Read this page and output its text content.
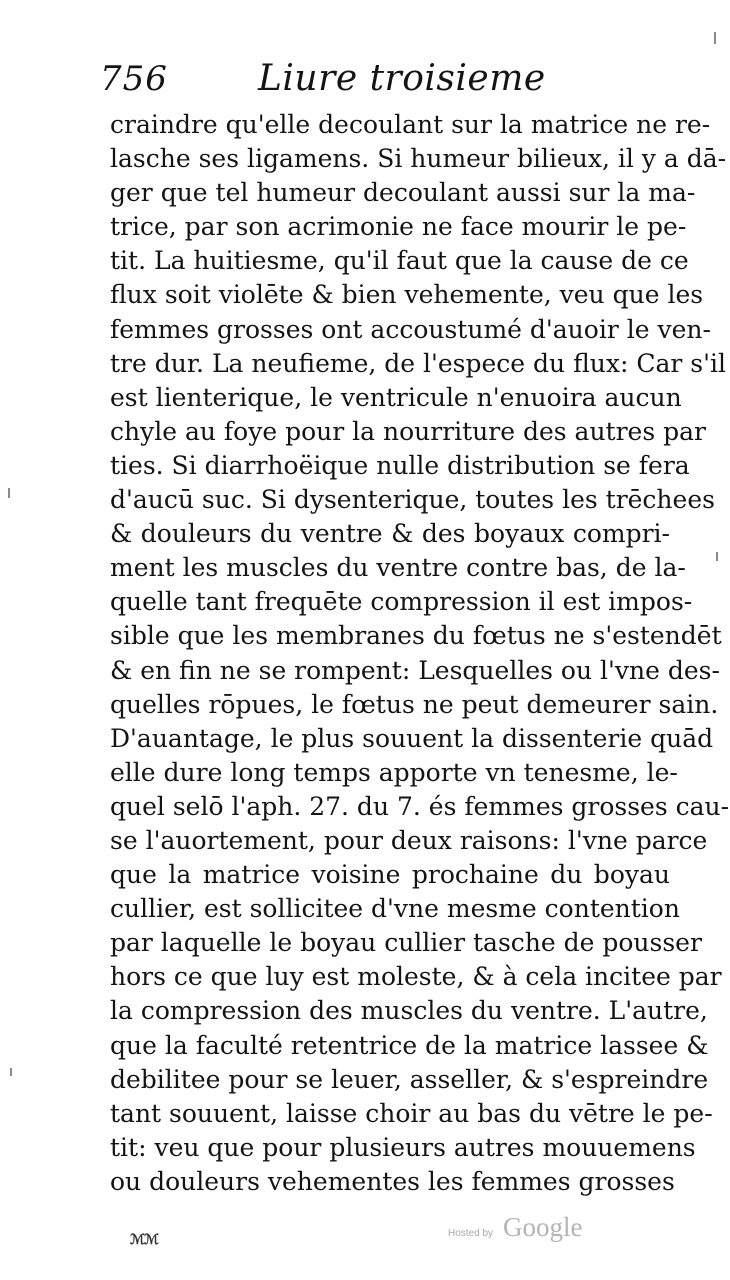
756	Liure troisieme
craindre qu'elle decoulant sur la matrice ne re-
lasche ses ligamens. Si humeur bilieux, il y a dā-
ger que tel humeur decoulant aussi sur la ma-
trice, par son acrimonie ne face mourir le pe-
tit. La huitiesme, qu'il faut que la cause de ce
flux soit violēte & bien vehemente, veu que les
femmes grosses ont accoustumé d'auoir le ven-
tre dur. La neufieme, de l'espece du flux: Car s'il
est lienterique, le ventricule n'enuoira aucun
chyle au foye pour la nourriture des autres par
ties. Si diarrhoëique nulle distribution se fera
d'aucū suc. Si dysenterique, toutes les trēchees
& douleurs du ventre & des boyaux compri-
ment les muscles du ventre contre bas, de la-
quelle tant frequēte compression il est impos-
sible que les membranes du fœtus ne s'estendēt
& en fin ne se rompent: Lesquelles ou l'vne des-
quelles rōpues, le fœtus ne peut demeurer sain.
D'auantage, le plus souuent la dissenterie quād
elle dure long temps apporte vn tenesme, le-
quel selō l'aph. 27. du 7. és femmes grosses cau-
se l'auortement, pour deux raisons: l'vne parce
que la matrice voisine prochaine du boyau
cullier, est sollicitee d'vne mesme contention
par laquelle le boyau cullier tasche de pousser
hors ce que luy est moleste, & à cela incitee par
la compression des muscles du ventre. L'autre,
que la faculté retentrice de la matrice lassee &
debilitee pour se leuer, asseller, & s'espreindre
tant souuent, laisse choir au bas du vētre le pe-
tit: veu que pour plusieurs autres mouuemens
ou douleurs vehementes les femmes grosses
ℳ⁠ℳ	Hosted by Google
